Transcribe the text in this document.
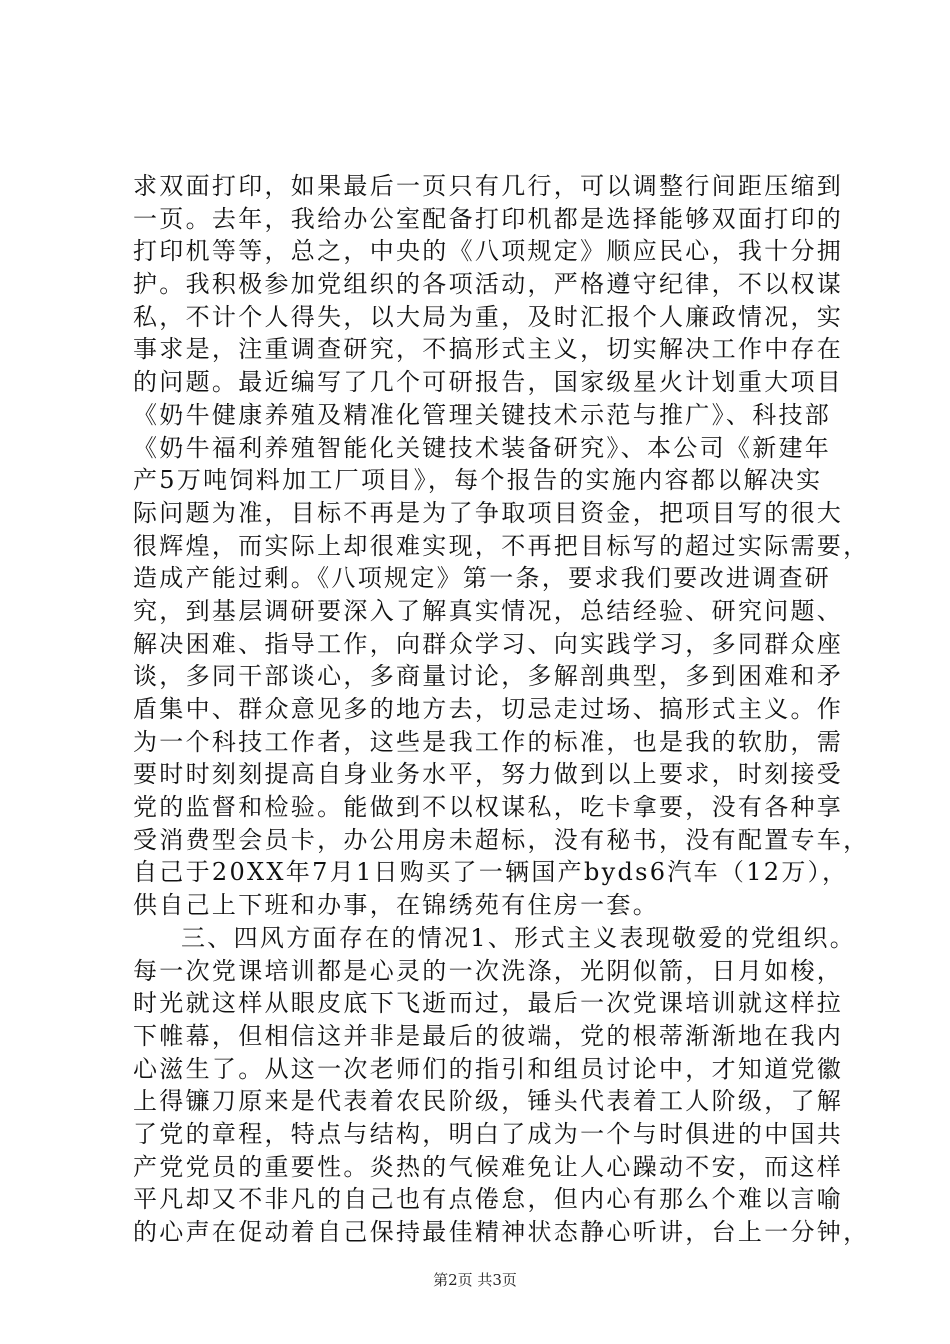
求双面打印，如果最后一页只有几行，可以调整行间距压缩到
一页。去年，我给办公室配备打印机都是选择能够双面打印的
打印机等等，总之，中央的《八项规定》顺应民心，我十分拥
护。我积极参加党组织的各项活动，严格遵守纪律，不以权谋
私，不计个人得失，以大局为重，及时汇报个人廉政情况，实
事求是，注重调查研究，不搞形式主义，切实解决工作中存在
的问题。最近编写了几个可研报告，国家级星火计划重大项目
《奶牛健康养殖及精准化管理关键技术示范与推广》、科技部
《奶牛福利养殖智能化关键技术装备研究》、本公司《新建年
产5万吨饲料加工厂项目》，每个报告的实施内容都以解决实
际问题为准，目标不再是为了争取项目资金，把项目写的很大
很辉煌，而实际上却很难实现，不再把目标写的超过实际需要，
造成产能过剩。《八项规定》第一条，要求我们要改进调查研
究，到基层调研要深入了解真实情况，总结经验、研究问题、
解决困难、指导工作，向群众学习、向实践学习，多同群众座
谈，多同干部谈心，多商量讨论，多解剖典型，多到困难和矛
盾集中、群众意见多的地方去，切忌走过场、搞形式主义。作
为一个科技工作者，这些是我工作的标准，也是我的软肋，需
要时时刻刻提高自身业务水平，努力做到以上要求，时刻接受
党的监督和检验。能做到不以权谋私，吃卡拿要，没有各种享
受消费型会员卡，办公用房未超标，没有秘书，没有配置专车，
自己于20XX年7月1日购买了一辆国产byds6汽车（12万），
供自己上下班和办事，在锦绣苑有住房一套。
三、四风方面存在的情况1、形式主义表现敬爱的党组织。
每一次党课培训都是心灵的一次洗涤，光阴似箭，日月如梭，
时光就这样从眼皮底下飞逝而过，最后一次党课培训就这样拉
下帷幕，但相信这并非是最后的彼端，党的根蒂渐渐地在我内
心滋生了。从这一次老师们的指引和组员讨论中，才知道党徽
上得镰刀原来是代表着农民阶级，锤头代表着工人阶级，了解
了党的章程，特点与结构，明白了成为一个与时俱进的中国共
产党党员的重要性。炎热的气候难免让人心躁动不安，而这样
平凡却又不非凡的自己也有点倦怠，但内心有那么个难以言喻
的心声在促动着自己保持最佳精神状态静心听讲，台上一分钟，
第2页 共3页
